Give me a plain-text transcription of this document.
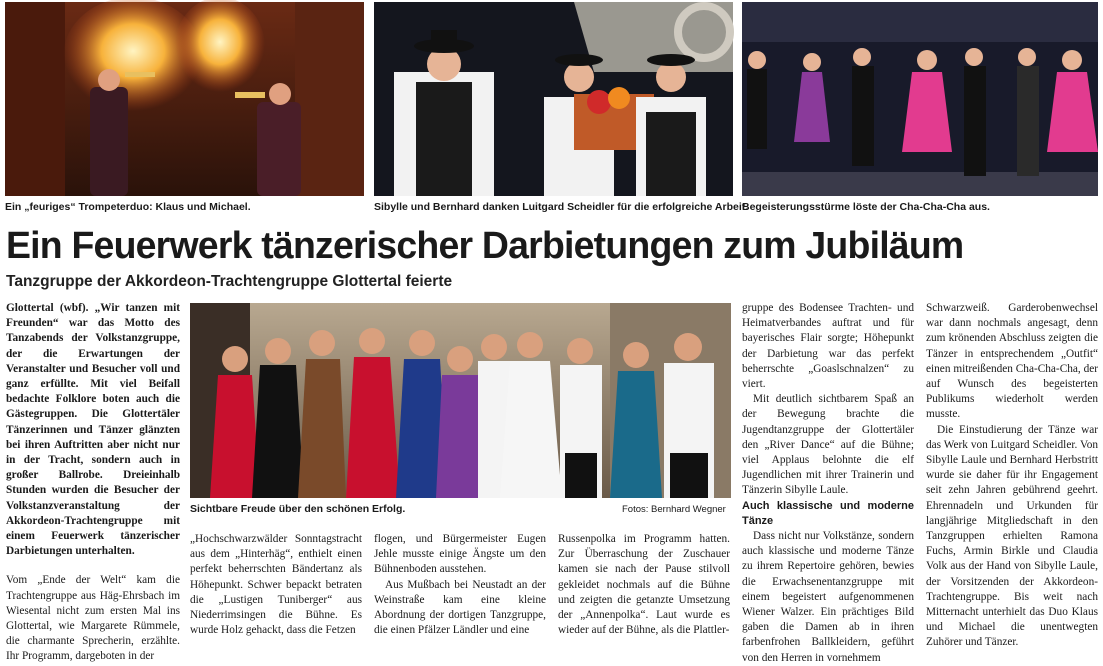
Ein „feuriges“ Trompeterduo: Klaus und Michael.	Sibylle und Bernhard danken Luitgard Scheidler für die erfolgreiche Arbeit.
Begeisterungsstürme löste der Cha-Cha-Cha aus.
Ein Feuerwerk tänzerischer Darbietungen zum Jubiläum
Tanzgruppe der Akkordeon-Trachtengruppe Glottertal feierte

Glottertal (wbf). „Wir tanzen mit Freunden“ war das Motto des Tanzabends der Volkstanzgruppe, der die Erwartungen der Veranstalter und Besucher voll und ganz erfüllte. Mit viel Beifall bedachte Folklore boten auch die Gästegruppen. Die Glottertäler Tänzerinnen und Tänzer glänzten bei ihren Auftritten aber nicht nur in der Tracht, sondern auch in großer Ballrobe. Dreieinhalb Stunden wurden die Besucher der Volkstanzveranstaltung der Akkordeon-Trachtengruppe mit einem Feuerwerk tänzerischer Darbietungen unterhalten.

Vom „Ende der Welt“ kam die Trachtengruppe aus Häg-Ehrsbach im Wiesental nicht zum ersten Mal ins Glottertal, wie Margarete Rümmele, die charmante Sprecherin, erzählte. Ihr Programm, dargeboten in der

Sichtbare Freude über den schönen Erfolg.	Fotos: Bernhard Wegner

„Hochschwarzwälder Sonntagstracht aus dem „Hinterhäg“, enthielt einen perfekt beherrschten Bändertanz als Höhepunkt. Schwer bepackt betraten die „Lustigen Tuniberger“ aus Niederrimsingen die Bühne. Es wurde Holz gehackt, dass die Fetzen

flogen, und Bürgermeister Eugen Jehle musste einige Ängste um den Bühnenboden ausstehen.

Aus Mußbach bei Neustadt an der Weinstraße kam eine kleine Abordnung der dortigen Tanzgruppe, die einen Pfälzer Ländler und eine

Russenpolka im Programm hatten. Zur Überraschung der Zuschauer kamen sie nach der Pause stilvoll gekleidet nochmals auf die Bühne und zeigten die getanzte Umsetzung der „Annenpolka“. Laut wurde es wieder auf der Bühne, als die Plattler-

gruppe des Bodensee Trachten- und Heimatverbandes auftrat und für bayerisches Flair sorgte; Höhepunkt der Darbietung war das perfekt beherrschte „Goaslschnalzen“ zu viert.

Mit deutlich sichtbarem Spaß an der Bewegung brachte die Jugendtanzgruppe der Glottertäler den „River Dance“ auf die Bühne; viel Applaus belohnte die elf Jugendlichen mit ihrer Trainerin und Tänzerin Sibylle Laule.

Auch klassische und moderne Tänze

Dass nicht nur Volkstänze, sondern auch klassische und moderne Tänze zu ihrem Repertoire gehören, bewies die Erwachsenentanzgruppe mit einem begeistert aufgenommenen Wiener Walzer. Ein prächtiges Bild gaben die Damen ab in ihren farbenfrohen Ballkleidern, geführt von den Herren in vornehmem

Schwarzweiß. Garderobenwechsel war dann nochmals angesagt, denn zum krönenden Abschluss zeigten die Tänzer in entsprechendem „Outfit“ einen mitreißenden Cha-Cha-Cha, der auf Wunsch des begeisterten Publikums wiederholt werden musste.

Die Einstudierung der Tänze war das Werk von Luitgard Scheidler. Von Sibylle Laule und Bernhard Herbstritt wurde sie daher für ihr Engagement seit zehn Jahren gebührend geehrt. Ehrennadeln und Urkunden für langjährige Mitgliedschaft in den Tanzgruppen erhielten Ramona Fuchs, Armin Birkle und Claudia Volk aus der Hand von Sibylle Laule, der Vorsitzenden der Akkordeon-Trachtengruppe. Bis weit nach Mitternacht unterhielt das Duo Klaus und Michael die unentwegten Zuhörer und Tänzer.
